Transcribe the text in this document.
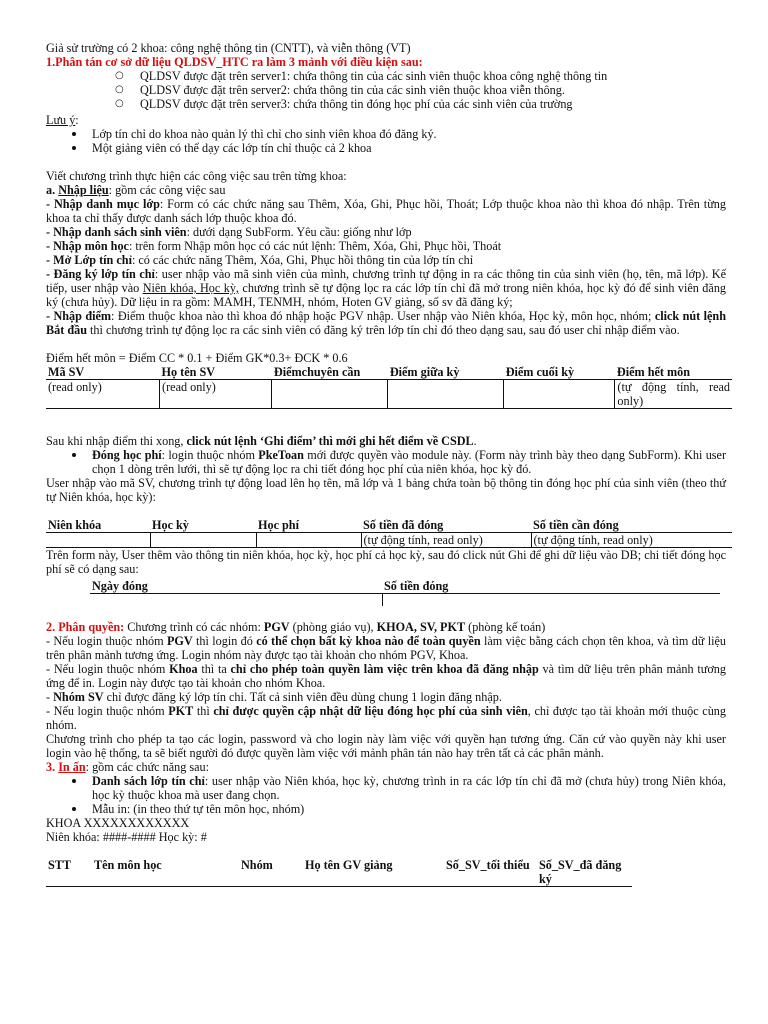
Giả sử trường có 2 khoa: công nghệ thông tin (CNTT), và viễn thông (VT)

1.Phân tán cơ sở dữ liệu QLDSV_HTC ra làm 3 mảnh với điều kiện sau:

○	QLDSV được đặt trên server1: chứa thông tin của các sinh viên thuộc khoa công nghệ thông tin
○	QLDSV được đặt trên server2: chứa thông tin của các sinh viên thuộc khoa viễn thông.
○	QLDSV được đặt trên server3: chứa thông tin đóng học phí của các sinh viên của trường

Lưu ý:

Lớp tín chỉ do khoa nào quản lý thì chỉ cho sinh viên khoa đó đăng ký.
Một giảng viên có thể dạy các lớp tín chỉ thuộc cả 2 khoa

Viết chương trình thực hiện các công việc sau trên từng khoa:

a. Nhập liệu: gồm các công việc sau

- Nhập danh mục lớp: Form có các chức năng sau Thêm, Xóa, Ghi, Phục hồi, Thoát; Lớp thuộc khoa nào thì khoa đó nhập. Trên từng khoa ta chỉ thấy được danh sách lớp thuộc khoa đó.

- Nhập danh sách sinh viên: dưới dạng SubForm. Yêu cầu: giống như lớp

- Nhập môn học: trên form Nhập môn học có các nút lệnh: Thêm, Xóa, Ghi, Phục hồi, Thoát

- Mở Lớp tín chỉ: có các chức năng Thêm, Xóa, Ghi, Phục hồi thông tin của lớp tín chỉ

- Đăng ký lớp tín chỉ: user nhập vào mã sinh viên của mình, chương trình tự động in ra các thông tin của sinh viên (họ, tên, mã lớp). Kế tiếp, user nhập vào Niên khóa, Học kỳ, chương trình sẽ tự động lọc ra các lớp tín chỉ đã mở trong niên khóa, học kỳ đó để sinh viên đăng ký (chưa hủy). Dữ liệu in ra gồm: MAMH, TENMH, nhóm, Hoten GV giảng, số sv đã đăng ký;

- Nhập điểm: Điểm thuộc khoa nào thì khoa đó nhập hoặc PGV nhập. User nhập vào Niên khóa, Học kỳ, môn học, nhóm; click nút lệnh Bắt đầu thì chương trình tự động lọc ra các sinh viên có đăng ký trên lớp tín chỉ đó theo dạng sau, sau đó user chỉ nhập điểm vào.

Điểm hết môn = Điểm CC * 0.1 + Điểm GK*0.3+ ĐCK * 0.6

Mã SV	Họ tên SV	Điểmchuyên cần	Điểm giữa kỳ	Điểm cuối kỳ	Điểm hết môn
(read only)	(read only)				(tự động tính, read only)

Sau khi nhập điểm thi xong, click nút lệnh ‘Ghi điểm’ thì mới ghi hết điểm về CSDL.

Đóng học phí: login thuộc nhóm PkeToan mới được quyền vào module này. (Form này trình bày theo dạng SubForm). Khi user chọn 1 dòng trên lưới, thì sẽ tự động lọc ra chi tiết đóng học phí của niên khóa, học kỳ đó.

User nhập vào mã SV, chương trình tự động load lên họ tên, mã lớp và 1 bảng chứa toàn bộ thông tin đóng học phí của sinh viên (theo thứ tự Niên khóa, học kỳ):

Niên khóa	Học kỳ	Học phí	Số tiền đã đóng	Số tiền cần đóng
			(tự động tính, read only)	(tự động tính, read only)

Trên form này, User thêm vào thông tin niên khóa, học kỳ, học phí cả học kỳ, sau đó click nút Ghi để ghi dữ liệu vào DB; chi tiết đóng học phí sẽ có dạng sau:

Ngày đóng	Số tiền đóng

2. Phân quyền: Chương trình có các nhóm: PGV (phòng giáo vụ), KHOA, SV, PKT (phòng kế toán)

- Nếu login thuộc nhóm PGV thì login đó có thể chọn bất kỳ khoa nào để toàn quyền làm việc bằng cách chọn tên khoa, và tìm dữ liệu trên phân mảnh tương ứng. Login nhóm này được tạo tài khoản cho nhóm PGV, Khoa.

- Nếu login thuộc nhóm Khoa thì ta chỉ cho phép toàn quyền làm việc trên khoa đã đăng nhập và tìm dữ liệu trên phân mảnh tương ứng để in. Login này được tạo tài khoản cho nhóm Khoa.

- Nhóm SV chỉ được đăng ký lớp tín chỉ. Tất cả sinh viên đều dùng chung 1 login đăng nhập.

- Nếu login thuộc nhóm PKT thì chỉ được quyền cập nhật dữ liệu đóng học phí của sinh viên, chỉ được tạo tài khoản mới thuộc cùng nhóm.

Chương trình cho phép ta tạo các login, password và cho login này làm việc với quyền hạn tương ứng. Căn cứ vào quyền này khi user login vào hệ thống, ta sẽ biết người đó được quyền làm việc với mảnh phân tán nào hay trên tất cả các phân mảnh.

3. In ấn: gồm các chức năng sau:

Danh sách lớp tín chỉ: user nhập vào Niên khóa, học kỳ, chương trình in ra các lớp tín chỉ đã mở (chưa hủy) trong Niên khóa, học kỳ thuộc khoa mà user đang chọn.
Mẫu in: (in theo thứ tự tên môn học, nhóm)

KHOA XXXXXXXXXXXX

Niên khóa: ####-#### Học kỳ: #

STT	Tên môn học	Nhóm	Họ tên GV giảng	Số_SV_tối thiểu	Số_SV_đã đăng ký
